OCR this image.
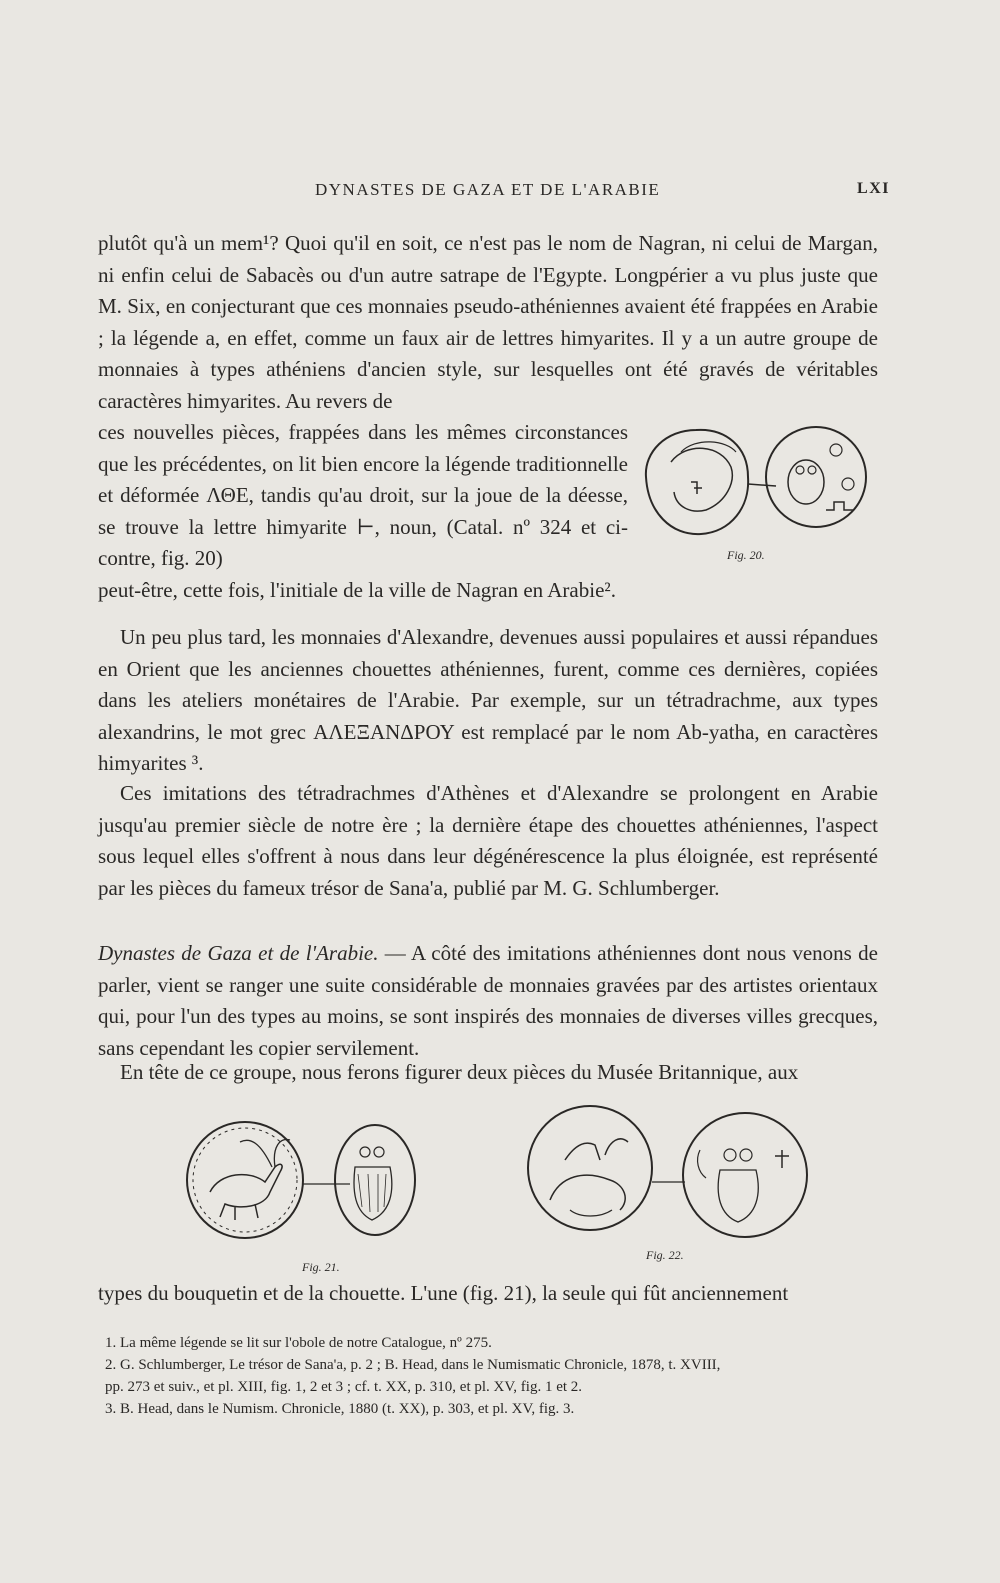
DYNASTES DE GAZA ET DE L'ARABIE	LXI
plutôt qu'à un mem¹? Quoi qu'il en soit, ce n'est pas le nom de Nagran, ni celui de Margan, ni enfin celui de Sabacès ou d'un autre satrape de l'Egypte. Longpérier a vu plus juste que M. Six, en conjecturant que ces monnaies pseudo-athéniennes avaient été frappées en Arabie ; la légende a, en effet, comme un faux air de lettres himyarites. Il y a un autre groupe de monnaies à types athéniens d'ancien style, sur lesquelles ont été gravés de véritables caractères himyarites. Au revers de
ces nouvelles pièces, frappées dans les mêmes circonstances que les précédentes, on lit bien encore la légende traditionnelle et déformée ΛΘΕ, tandis qu'au droit, sur la joue de la déesse, se trouve la lettre himyarite ⊢, noun, (Catal. nº 324 et ci-contre, fig. 20)	Fig. 20.
peut-être, cette fois, l'initiale de la ville de Nagran en Arabie².
Un peu plus tard, les monnaies d'Alexandre, devenues aussi populaires et aussi répandues en Orient que les anciennes chouettes athéniennes, furent, comme ces dernières, copiées dans les ateliers monétaires de l'Arabie. Par exemple, sur un tétradrachme, aux types alexandrins, le mot grec ΑΛΕΞΑΝΔΡΟΥ est remplacé par le nom Ab-yatha, en caractères himyarites ³.
Ces imitations des tétradrachmes d'Athènes et d'Alexandre se prolongent en Arabie jusqu'au premier siècle de notre ère ; la dernière étape des chouettes athéniennes, l'aspect sous lequel elles s'offrent à nous dans leur dégénérescence la plus éloignée, est représenté par les pièces du fameux trésor de Sana'a, publié par M. G. Schlumberger.
Dynastes de Gaza et de l'Arabie. — A côté des imitations athéniennes dont nous venons de parler, vient se ranger une suite considérable de monnaies gravées par des artistes orientaux qui, pour l'un des types au moins, se sont inspirés des monnaies de diverses villes grecques, sans cependant les copier servilement.
En tête de ce groupe, nous ferons figurer deux pièces du Musée Britannique, aux
Fig. 21.
Fig. 22.
types du bouquetin et de la chouette. L'une (fig. 21), la seule qui fût anciennement
1. La même légende se lit sur l'obole de notre Catalogue, nº 275.
2. G. Schlumberger, Le trésor de Sana'a, p. 2 ; B. Head, dans le Numismatic Chronicle, 1878, t. XVIII,
pp. 273 et suiv., et pl. XIII, fig. 1, 2 et 3 ; cf. t. XX, p. 310, et pl. XV, fig. 1 et 2.
3. B. Head, dans le Numism. Chronicle, 1880 (t. XX), p. 303, et pl. XV, fig. 3.
